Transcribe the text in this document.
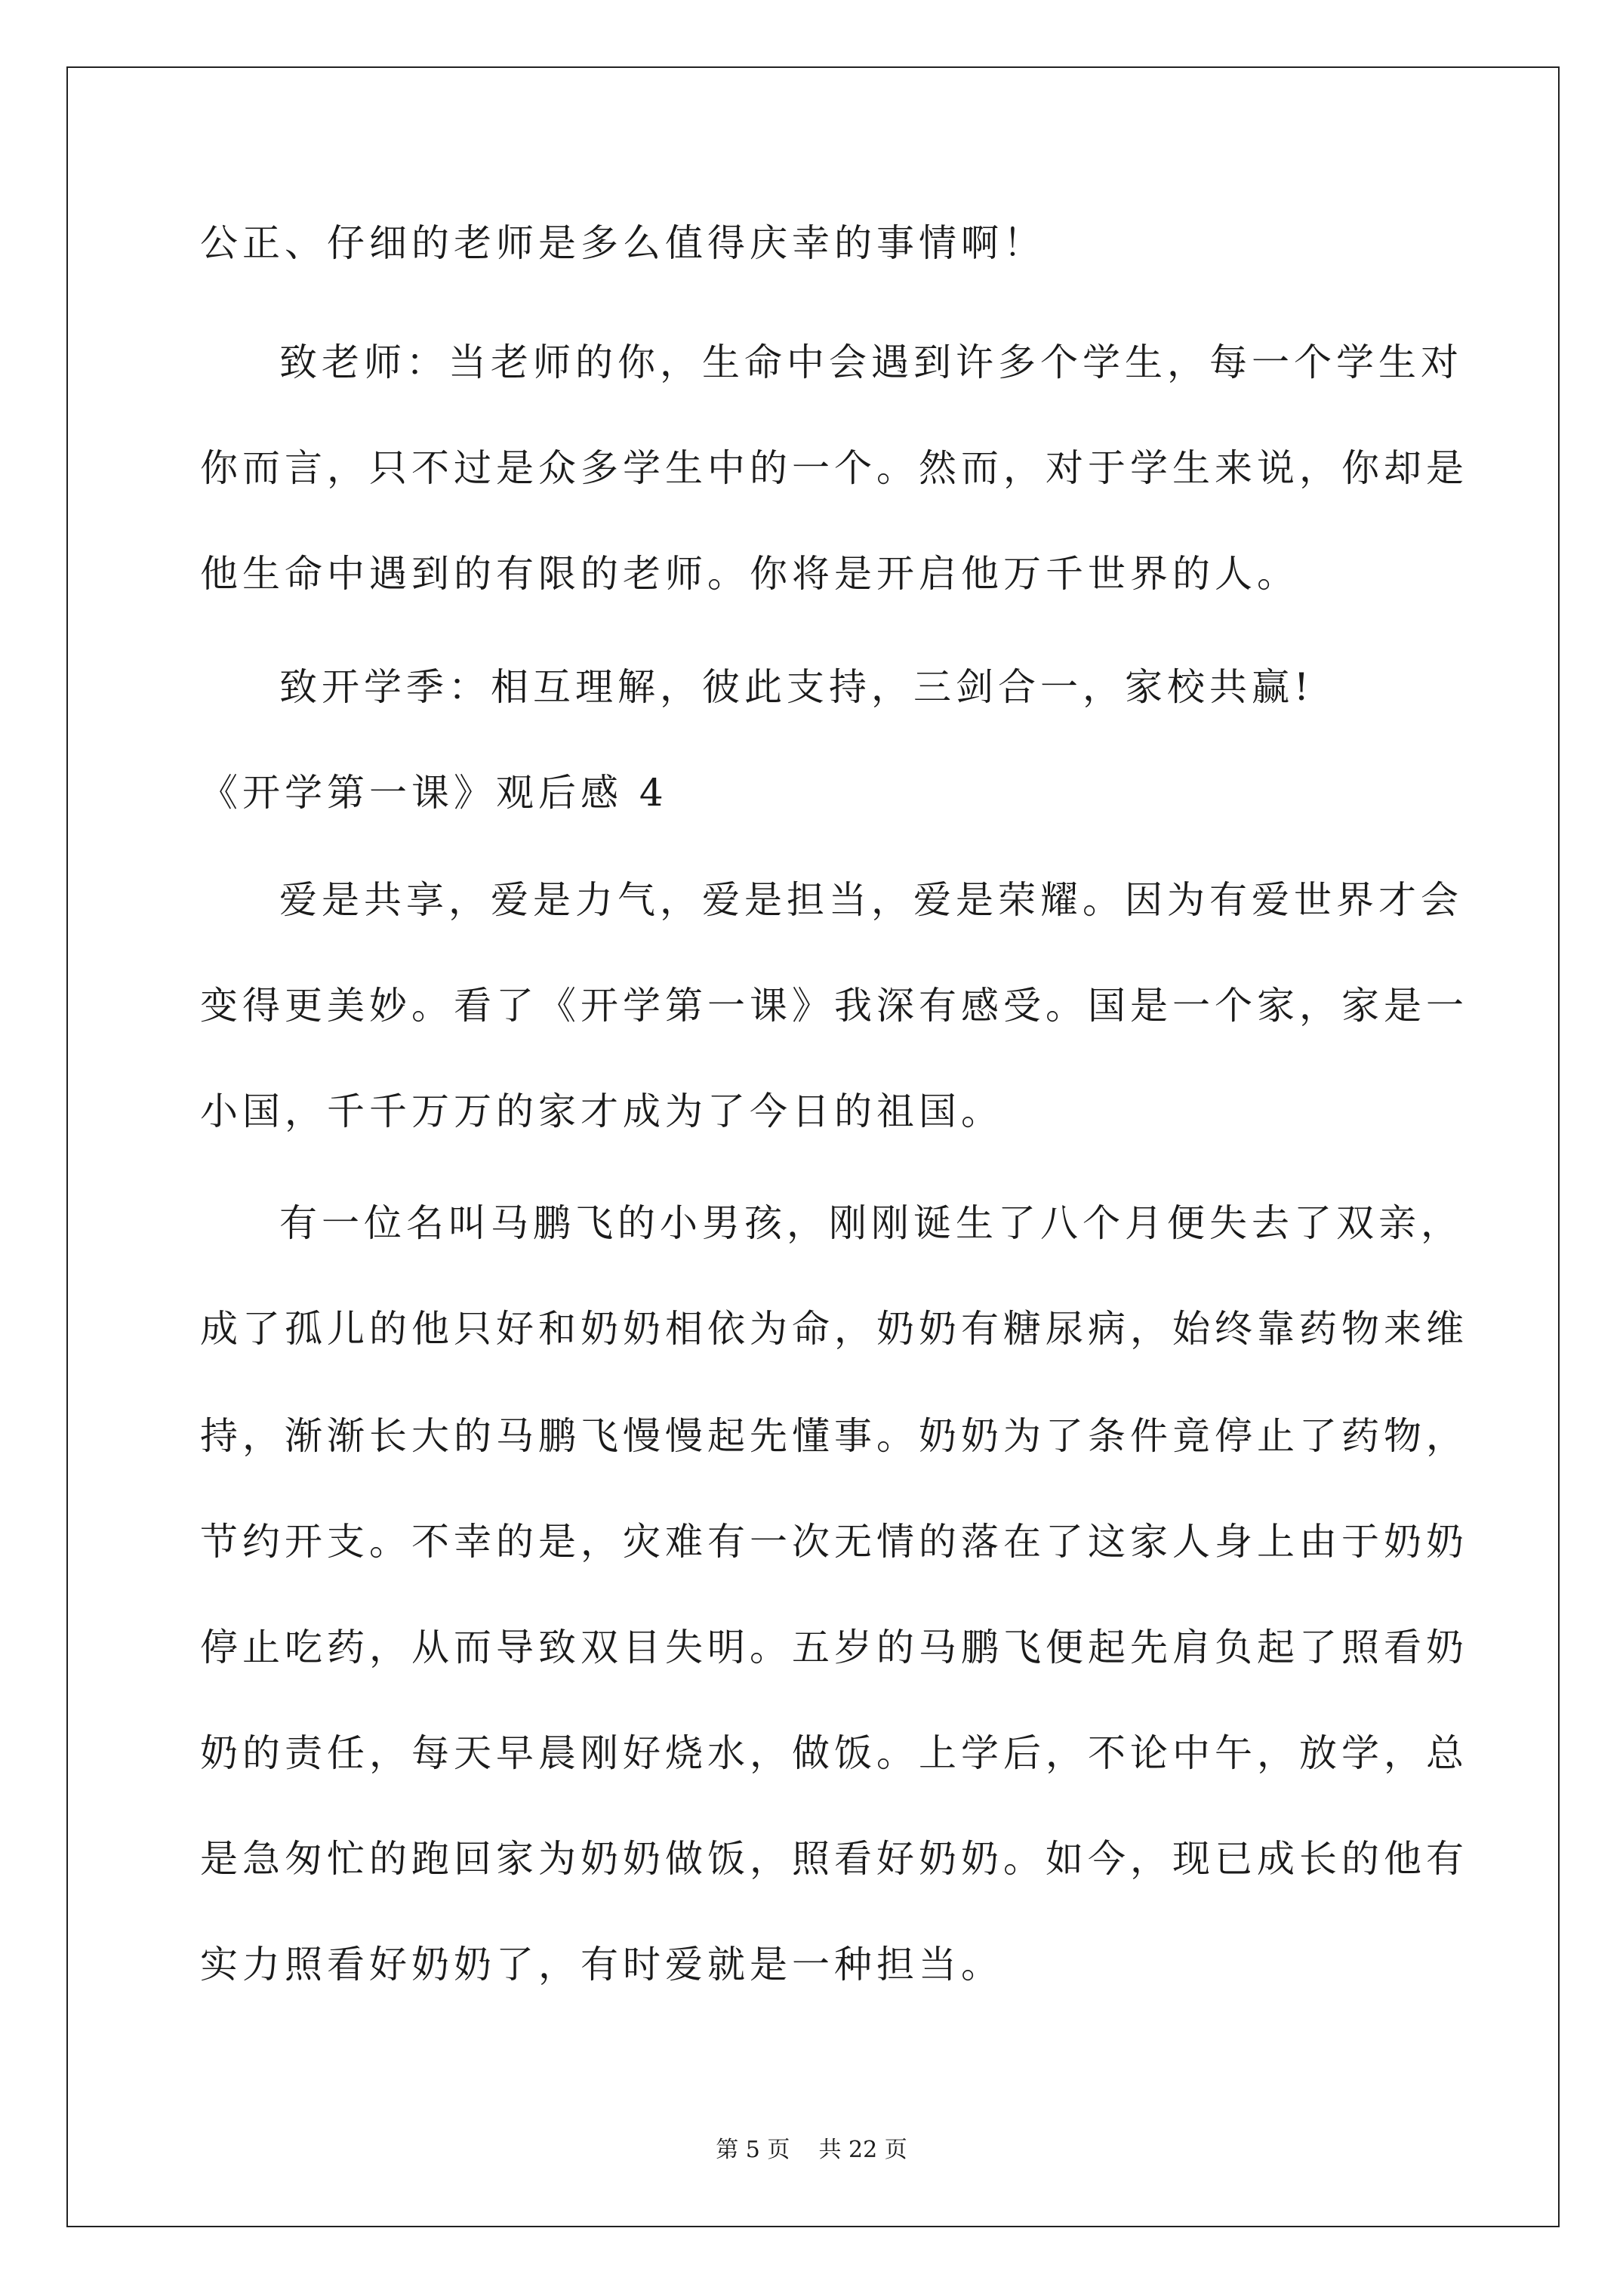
公正、仔细的老师是多么值得庆幸的事情啊！
致老师：当老师的你，生命中会遇到许多个学生，每一个学生对
你而言，只不过是众多学生中的一个。然而，对于学生来说，你却是
他生命中遇到的有限的老师。你将是开启他万千世界的人。
致开学季：相互理解，彼此支持，三剑合一，家校共赢!
《开学第一课》观后感 4
爱是共享，爱是力气，爱是担当，爱是荣耀。因为有爱世界才会
变得更美妙。看了《开学第一课》我深有感受。国是一个家，家是一
小国，千千万万的家才成为了今日的祖国。
有一位名叫马鹏飞的小男孩，刚刚诞生了八个月便失去了双亲，
成了孤儿的他只好和奶奶相依为命，奶奶有糖尿病，始终靠药物来维
持，渐渐长大的马鹏飞慢慢起先懂事。奶奶为了条件竟停止了药物，
节约开支。不幸的是，灾难有一次无情的落在了这家人身上由于奶奶
停止吃药，从而导致双目失明。五岁的马鹏飞便起先肩负起了照看奶
奶的责任，每天早晨刚好烧水，做饭。上学后，不论中午，放学，总
是急匆忙的跑回家为奶奶做饭，照看好奶奶。如今，现已成长的他有
实力照看好奶奶了，有时爱就是一种担当。
第 5 页    共 22 页
